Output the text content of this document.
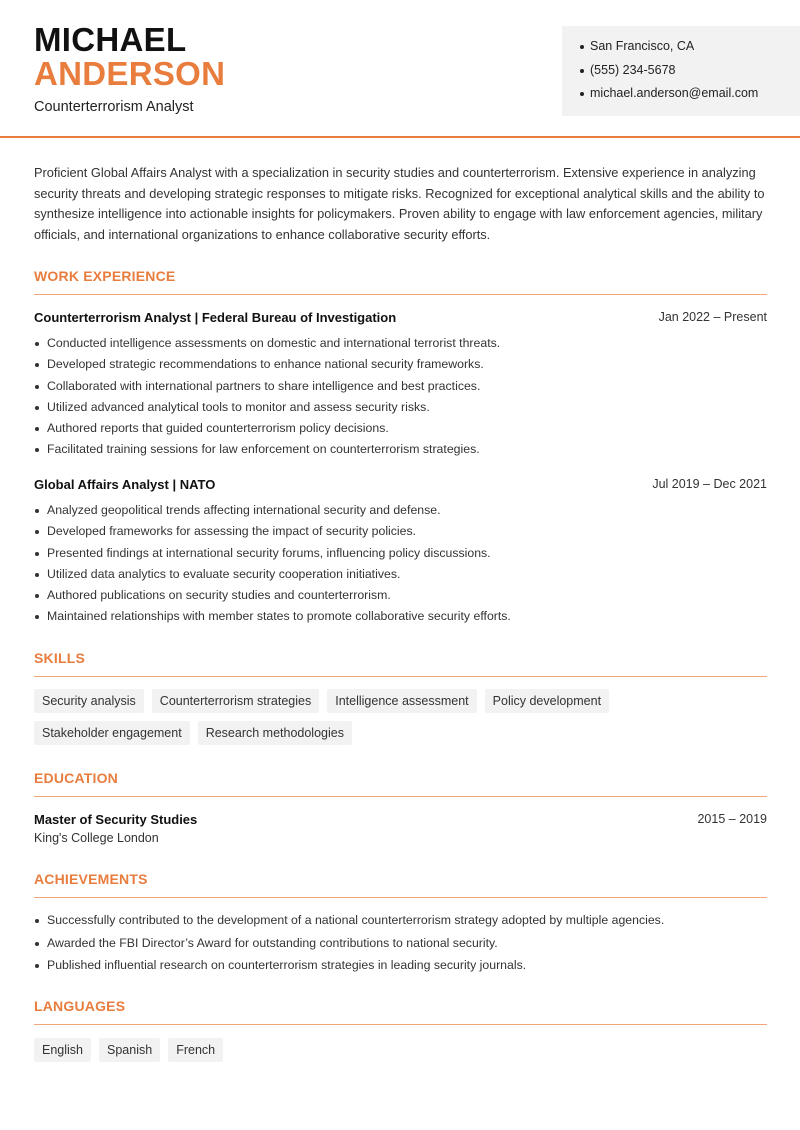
MICHAEL
ANDERSON
Counterterrorism Analyst
San Francisco, CA
(555) 234-5678
michael.anderson@email.com

Proficient Global Affairs Analyst with a specialization in security studies and counterterrorism. Extensive experience in analyzing security threats and developing strategic responses to mitigate risks. Recognized for exceptional analytical skills and the ability to synthesize intelligence into actionable insights for policymakers. Proven ability to engage with law enforcement agencies, military officials, and international organizations to enhance collaborative security efforts.

WORK EXPERIENCE
Counterterrorism Analyst | Federal Bureau of Investigation	Jan 2022 – Present
Conducted intelligence assessments on domestic and international terrorist threats.
Developed strategic recommendations to enhance national security frameworks.
Collaborated with international partners to share intelligence and best practices.
Utilized advanced analytical tools to monitor and assess security risks.
Authored reports that guided counterterrorism policy decisions.
Facilitated training sessions for law enforcement on counterterrorism strategies.
Global Affairs Analyst | NATO	Jul 2019 – Dec 2021
Analyzed geopolitical trends affecting international security and defense.
Developed frameworks for assessing the impact of security policies.
Presented findings at international security forums, influencing policy discussions.
Utilized data analytics to evaluate security cooperation initiatives.
Authored publications on security studies and counterterrorism.
Maintained relationships with member states to promote collaborative security efforts.
SKILLS
Security analysis	Counterterrorism strategies	Intelligence assessment	Policy development
Stakeholder engagement	Research methodologies
EDUCATION
Master of Security Studies	2015 – 2019
King's College London
ACHIEVEMENTS
Successfully contributed to the development of a national counterterrorism strategy adopted by multiple agencies.
Awarded the FBI Director’s Award for outstanding contributions to national security.
Published influential research on counterterrorism strategies in leading security journals.
LANGUAGES
English	Spanish	French
